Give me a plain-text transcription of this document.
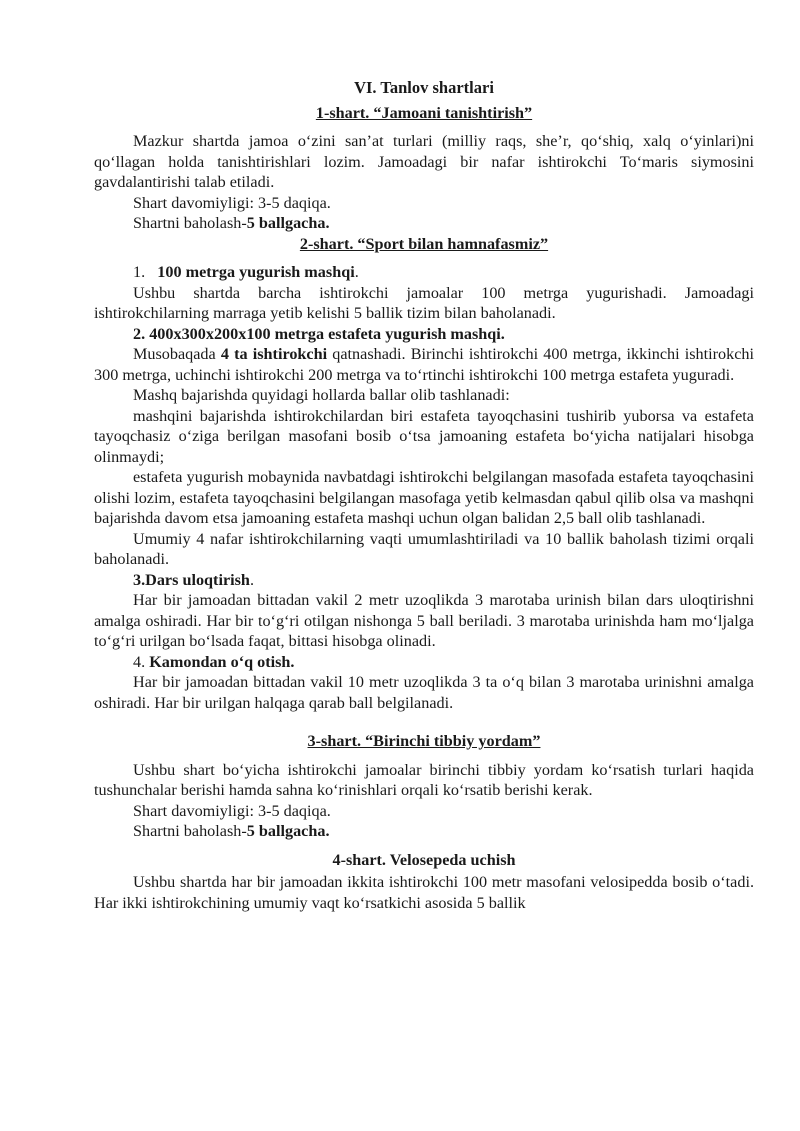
VI. Tanlov shartlari

1-shart. “Jamoani tanishtirish”

Mazkur shartda jamoa o‘zini san’at turlari (milliy raqs, she’r, qo‘shiq, xalq o‘yinlari)ni qo‘llagan holda tanishtirishlari lozim. Jamoadagi bir nafar ishtirokchi To‘maris siymosini gavdalantirishi talab etiladi.

Shart davomiyligi: 3-5 daqiqa.

Shartni baholash-5 ballgacha.

2-shart. “Sport bilan hamnafasmiz”

1. 100 metrga yugurish mashqi.

Ushbu shartda barcha ishtirokchi jamoalar 100 metrga yugurishadi. Jamoadagi ishtirokchilarning marraga yetib kelishi 5 ballik tizim bilan baholanadi.

2. 400x300x200x100 metrga estafeta yugurish mashqi.

Musobaqada 4 ta ishtirokchi qatnashadi. Birinchi ishtirokchi 400 metrga, ikkinchi ishtirokchi 300 metrga, uchinchi ishtirokchi 200 metrga va to‘rtinchi ishtirokchi 100 metrga estafeta yuguradi.

Mashq bajarishda quyidagi hollarda ballar olib tashlanadi:

mashqini bajarishda ishtirokchilardan biri estafeta tayoqchasini tushirib yuborsa va estafeta tayoqchasiz o‘ziga berilgan masofani bosib o‘tsa jamoaning estafeta bo‘yicha natijalari hisobga olinmaydi;

estafeta yugurish mobaynida navbatdagi ishtirokchi belgilangan masofada estafeta tayoqchasini olishi lozim, estafeta tayoqchasini belgilangan masofaga yetib kelmasdan qabul qilib olsa va mashqni bajarishda davom etsa jamoaning estafeta mashqi uchun olgan balidan 2,5 ball olib tashlanadi.

Umumiy 4 nafar ishtirokchilarning vaqti umumlashtiriladi va 10 ballik baholash tizimi orqali baholanadi.

3.Dars uloqtirish.

Har bir jamoadan bittadan vakil 2 metr uzoqlikda 3 marotaba urinish bilan dars uloqtirishni amalga oshiradi. Har bir to‘g‘ri otilgan nishonga 5 ball beriladi. 3 marotaba urinishda ham mo‘ljalga to‘g‘ri urilgan bo‘lsada faqat, bittasi hisobga olinadi.

4. Kamondan o‘q otish.

Har bir jamoadan bittadan vakil 10 metr uzoqlikda 3 ta o‘q bilan 3 marotaba urinishni amalga oshiradi. Har bir urilgan halqaga qarab ball belgilanadi.

3-shart. “Birinchi tibbiy yordam”

Ushbu shart bo‘yicha ishtirokchi jamoalar birinchi tibbiy yordam ko‘rsatish turlari haqida tushunchalar berishi hamda sahna ko‘rinishlari orqali ko‘rsatib berishi kerak.

Shart davomiyligi: 3-5 daqiqa.

Shartni baholash-5 ballgacha.

4-shart. Velosepeda uchish

Ushbu shartda har bir jamoadan ikkita ishtirokchi 100 metr masofani velosipedda bosib o‘tadi. Har ikki ishtirokchining umumiy vaqt ko‘rsatkichi asosida 5 ballik
